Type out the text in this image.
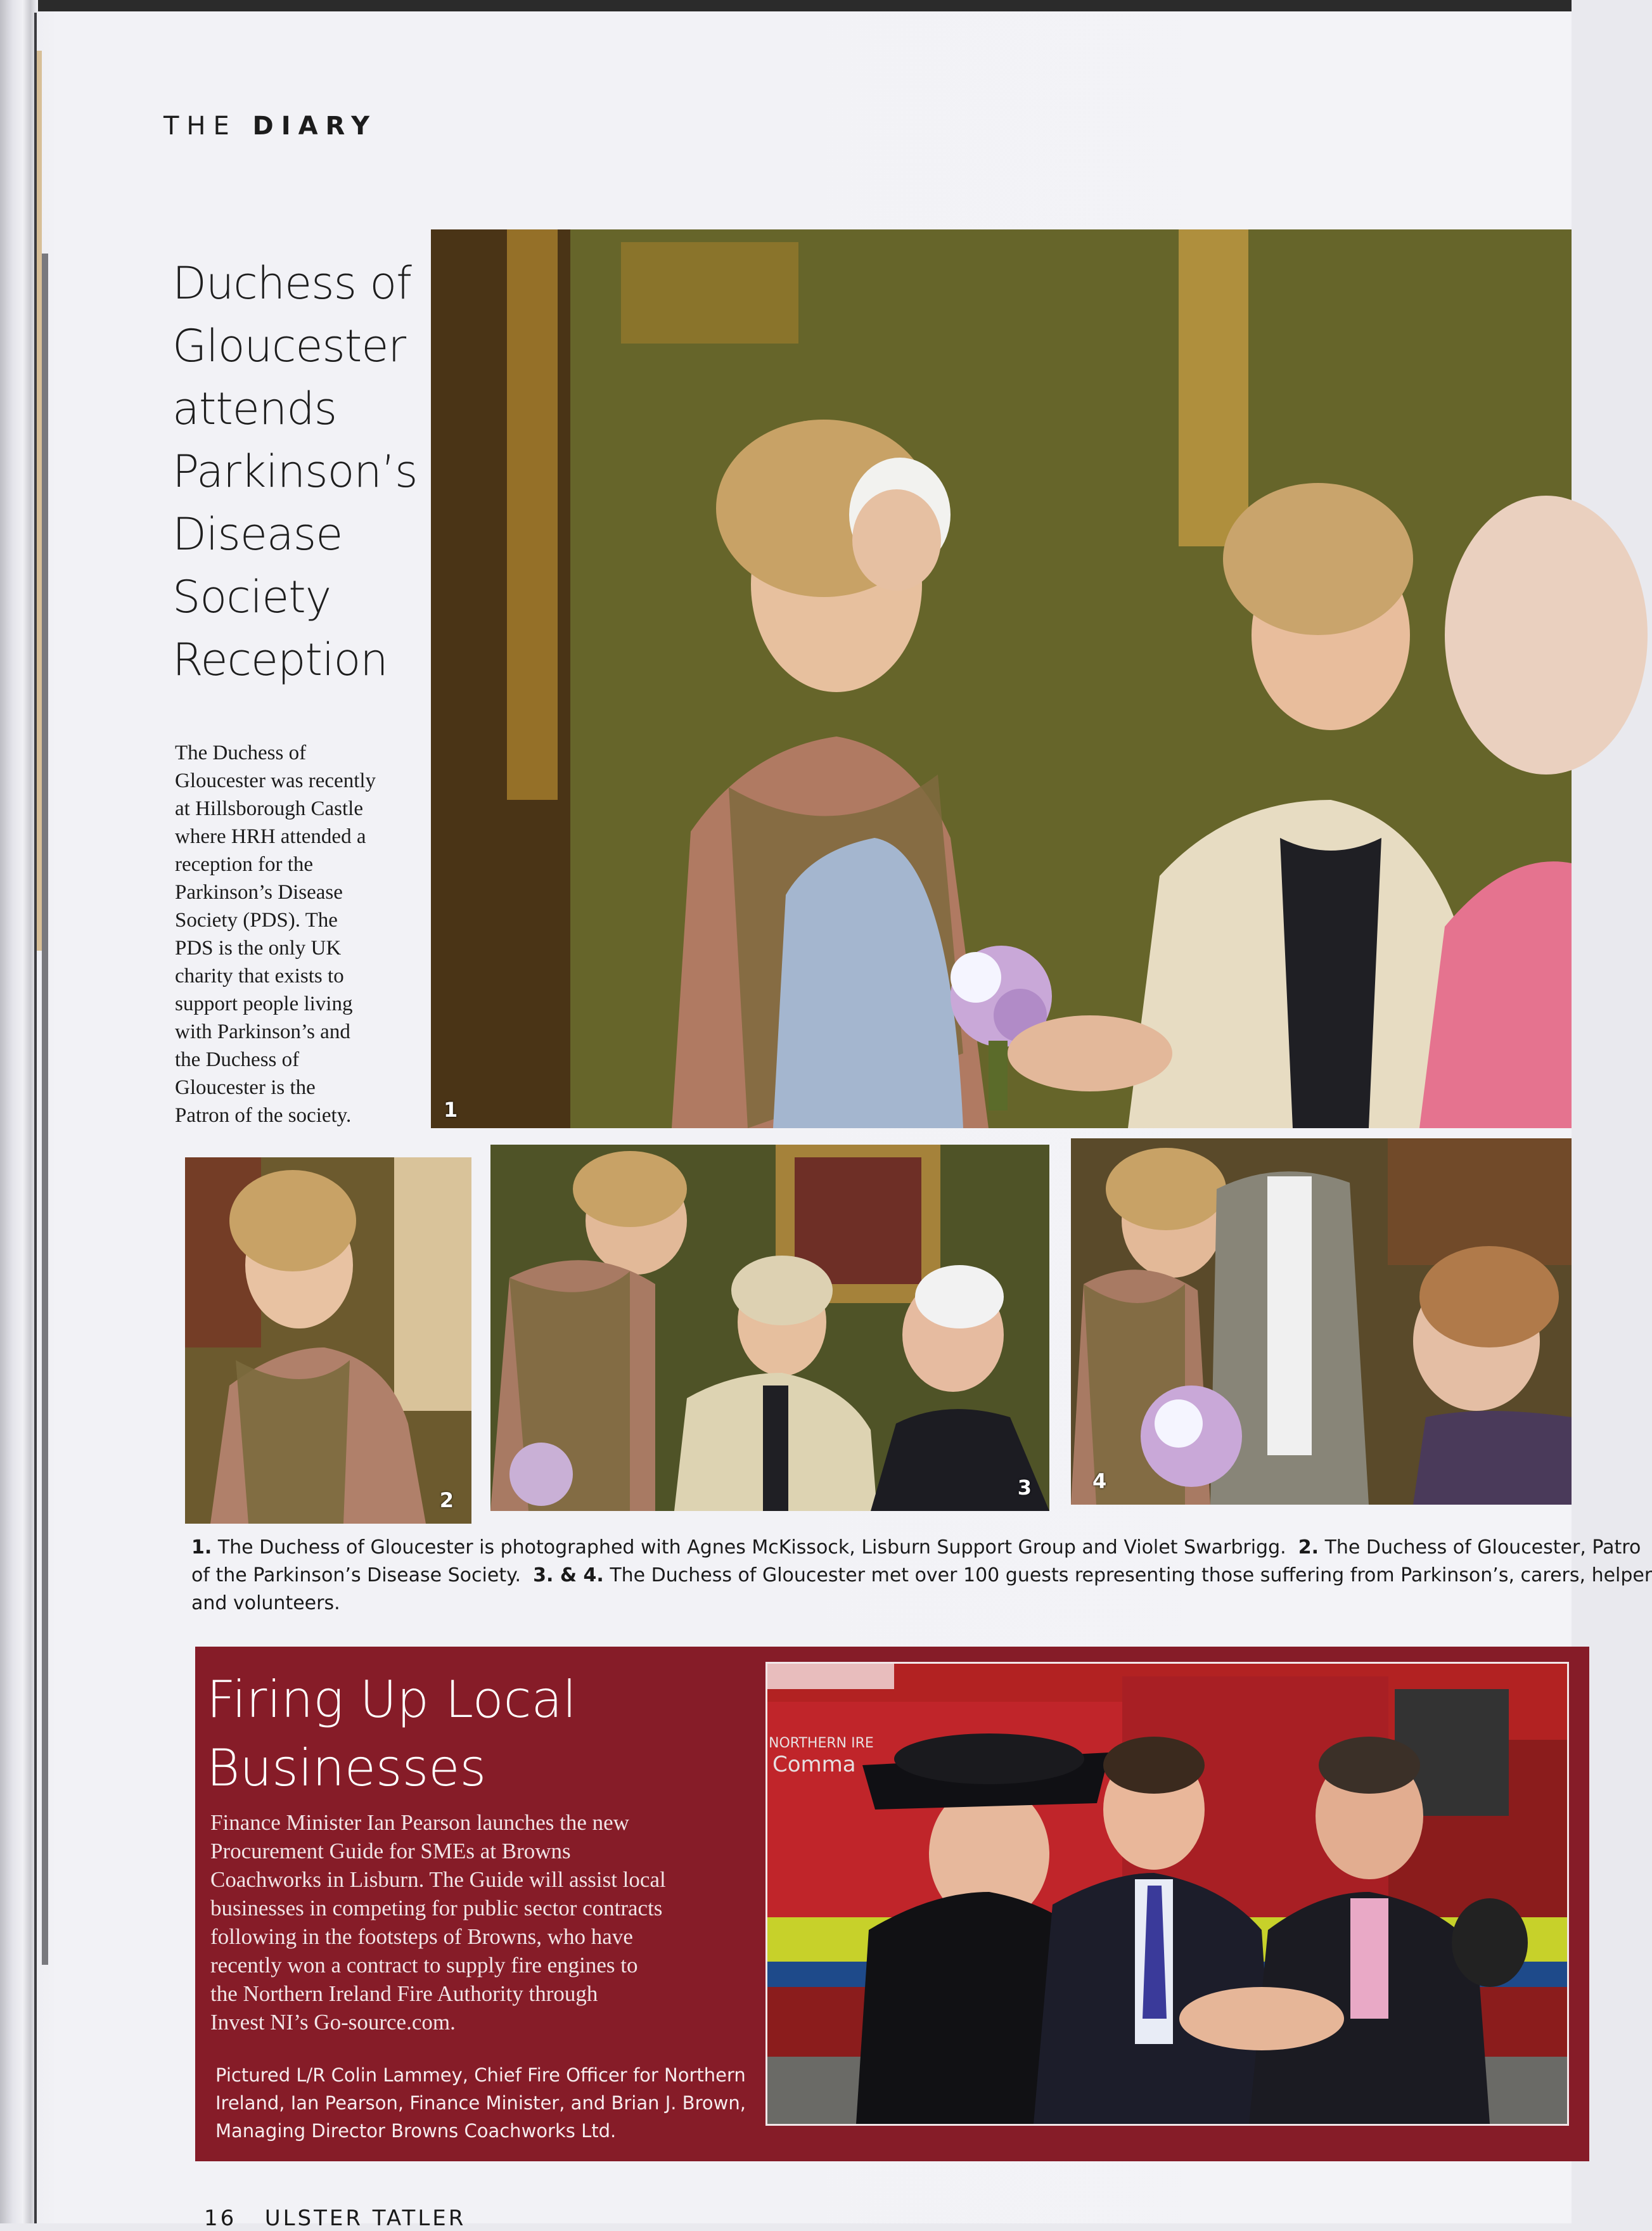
THE DIARY
Duchess of
Gloucester
attends
Parkinson’s
Disease
Society
Reception
The Duchess of
Gloucester was recently
at Hillsborough Castle
where HRH attended a
reception for the
Parkinson’s Disease
Society (PDS). The
PDS is the only UK
charity that exists to
support people living
with Parkinson’s and
the Duchess of
Gloucester is the
Patron of the society.	1
2
3	4
1. The Duchess of Gloucester is photographed with Agnes McKissock, Lisburn Support Group and Violet Swarbrigg. 2. The Duchess of Gloucester, Patro
of the Parkinson’s Disease Society. 3. & 4. The Duchess of Gloucester met over 100 guests representing those suffering from Parkinson’s, carers, helper
and volunteers.
Firing Up Local
Businesses
Finance Minister Ian Pearson launches the new
Procurement Guide for SMEs at Browns
Coachworks in Lisburn. The Guide will assist local
businesses in competing for public sector contracts
following in the footsteps of Browns, who have
recently won a contract to supply fire engines to
the Northern Ireland Fire Authority through
Invest NI’s Go-source.com.
Pictured L/R Colin Lammey, Chief Fire Officer for Northern
Ireland, Ian Pearson, Finance Minister, and Brian J. Brown,
Managing Director Browns Coachworks Ltd.
NORTHERN IRE
Comma
16 ULSTER TATLER
